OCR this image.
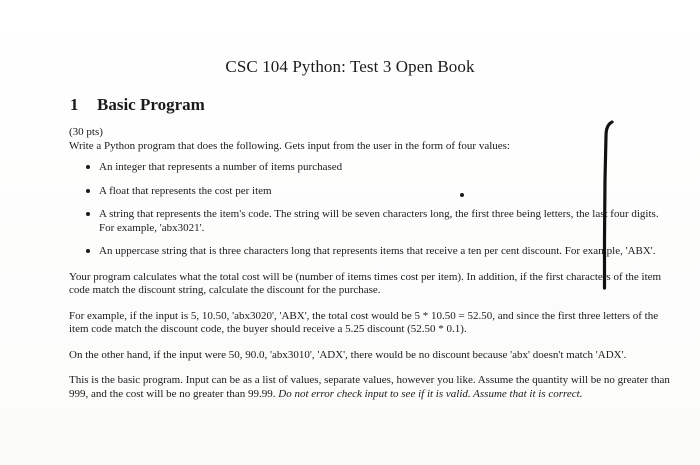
CSC 104 Python: Test 3 Open Book
1 Basic Program

(30 pts)

Write a Python program that does the following. Gets input from the user in the form of four values:

An integer that represents a number of items purchased
A float that represents the cost per item
A string that represents the item's code. The string will be seven characters long, the first three being letters, the last four digits. For example, 'abx3021'.
An uppercase string that is three characters long that represents items that receive a ten per cent discount. For example, 'ABX'.

Your program calculates what the total cost will be (number of items times cost per item). In addition, if the first characters of the item code match the discount string, calculate the discount for the purchase.

For example, if the input is 5, 10.50, 'abx3020', 'ABX', the total cost would be 5 * 10.50 = 52.50, and since the first three letters of the item code match the discount code, the buyer should receive a 5.25 discount (52.50 * 0.1).

On the other hand, if the input were 50, 90.0, 'abx3010', 'ADX', there would be no discount because 'abx' doesn't match 'ADX'.

This is the basic program. Input can be as a list of values, separate values, however you like. Assume the quantity will be no greater than 999, and the cost will be no greater than 99.99. Do not error check input to see if it is valid. Assume that it is correct.
